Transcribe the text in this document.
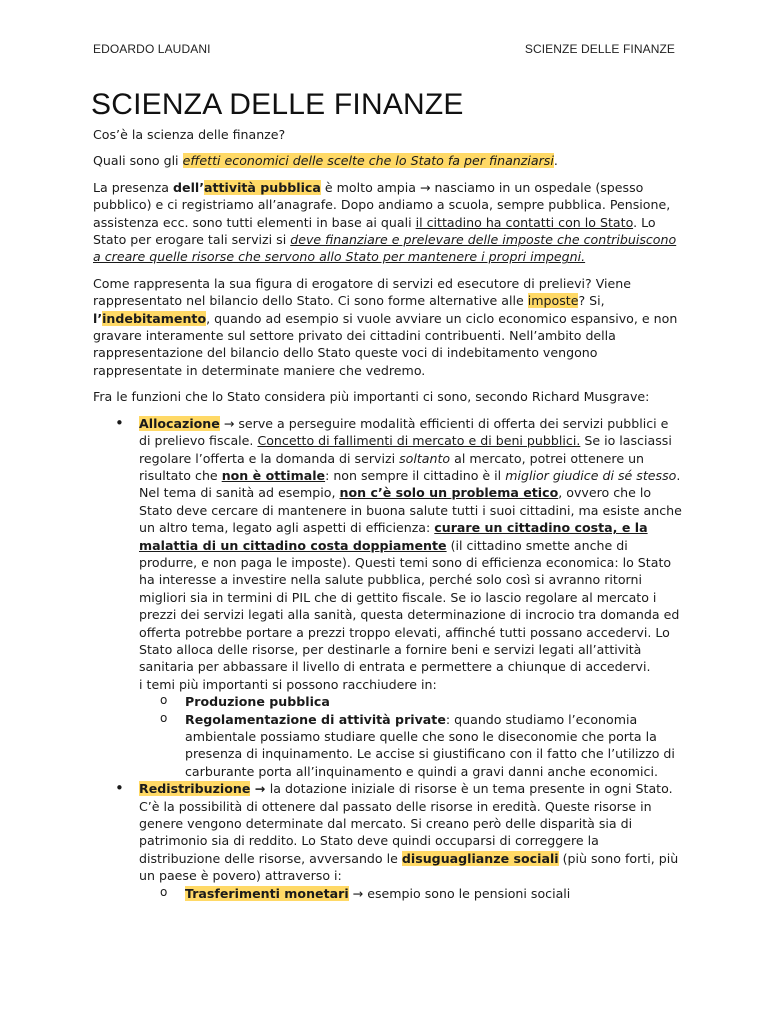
EDOARDO LAUDANI	SCIENZE DELLE FINANZE
SCIENZA DELLE FINANZE

Cos’è la scienza delle finanze?

Quali sono gli effetti economici delle scelte che lo Stato fa per finanziarsi.

La presenza dell’attività pubblica è molto ampia → nasciamo in un ospedale (spesso pubblico) e ci registriamo all’anagrafe. Dopo andiamo a scuola, sempre pubblica. Pensione, assistenza ecc. sono tutti elementi in base ai quali il cittadino ha contatti con lo Stato. Lo Stato per erogare tali servizi si deve finanziare e prelevare delle imposte che contribuiscono a creare quelle risorse che servono allo Stato per mantenere i propri impegni.

Come rappresenta la sua figura di erogatore di servizi ed esecutore di prelievi? Viene rappresentato nel bilancio dello Stato. Ci sono forme alternative alle imposte? Si, l’indebitamento, quando ad esempio si vuole avviare un ciclo economico espansivo, e non gravare interamente sul settore privato dei cittadini contribuenti. Nell’ambito della rappresentazione del bilancio dello Stato queste voci di indebitamento vengono rappresentate in determinate maniere che vedremo.

Fra le funzioni che lo Stato considera più importanti ci sono, secondo Richard Musgrave:

• Allocazione → serve a perseguire modalità efficienti di offerta dei servizi pubblici e di prelievo fiscale. Concetto di fallimenti di mercato e di beni pubblici. Se io lasciassi regolare l’offerta e la domanda di servizi soltanto al mercato, potrei ottenere un risultato che non è ottimale: non sempre il cittadino è il miglior giudice di sé stesso. Nel tema di sanità ad esempio, non c’è solo un problema etico, ovvero che lo Stato deve cercare di mantenere in buona salute tutti i suoi cittadini, ma esiste anche un altro tema, legato agli aspetti di efficienza: curare un cittadino costa, e la malattia di un cittadino costa doppiamente (il cittadino smette anche di produrre, e non paga le imposte). Questi temi sono di efficienza economica: lo Stato ha interesse a investire nella salute pubblica, perché solo così si avranno ritorni migliori sia in termini di PIL che di gettito fiscale. Se io lascio regolare al mercato i prezzi dei servizi legati alla sanità, questa determinazione di incrocio tra domanda ed offerta potrebbe portare a prezzi troppo elevati, affinché tutti possano accedervi. Lo Stato alloca delle risorse, per destinarle a fornire beni e servizi legati all’attività sanitaria per abbassare il livello di entrata e permettere a chiunque di accedervi.
i temi più importanti si possono racchiudere in:
o Produzione pubblica
o Regolamentazione di attività private: quando studiamo l’economia ambientale possiamo studiare quelle che sono le diseconomie che porta la presenza di inquinamento. Le accise si giustificano con il fatto che l’utilizzo di carburante porta all’inquinamento e quindi a gravi danni anche economici.
• Redistribuzione → la dotazione iniziale di risorse è un tema presente in ogni Stato. C’è la possibilità di ottenere dal passato delle risorse in eredità. Queste risorse in genere vengono determinate dal mercato. Si creano però delle disparità sia di patrimonio sia di reddito. Lo Stato deve quindi occuparsi di correggere la distribuzione delle risorse, avversando le disuguaglianze sociali (più sono forti, più un paese è povero) attraverso i:
o Trasferimenti monetari → esempio sono le pensioni sociali
